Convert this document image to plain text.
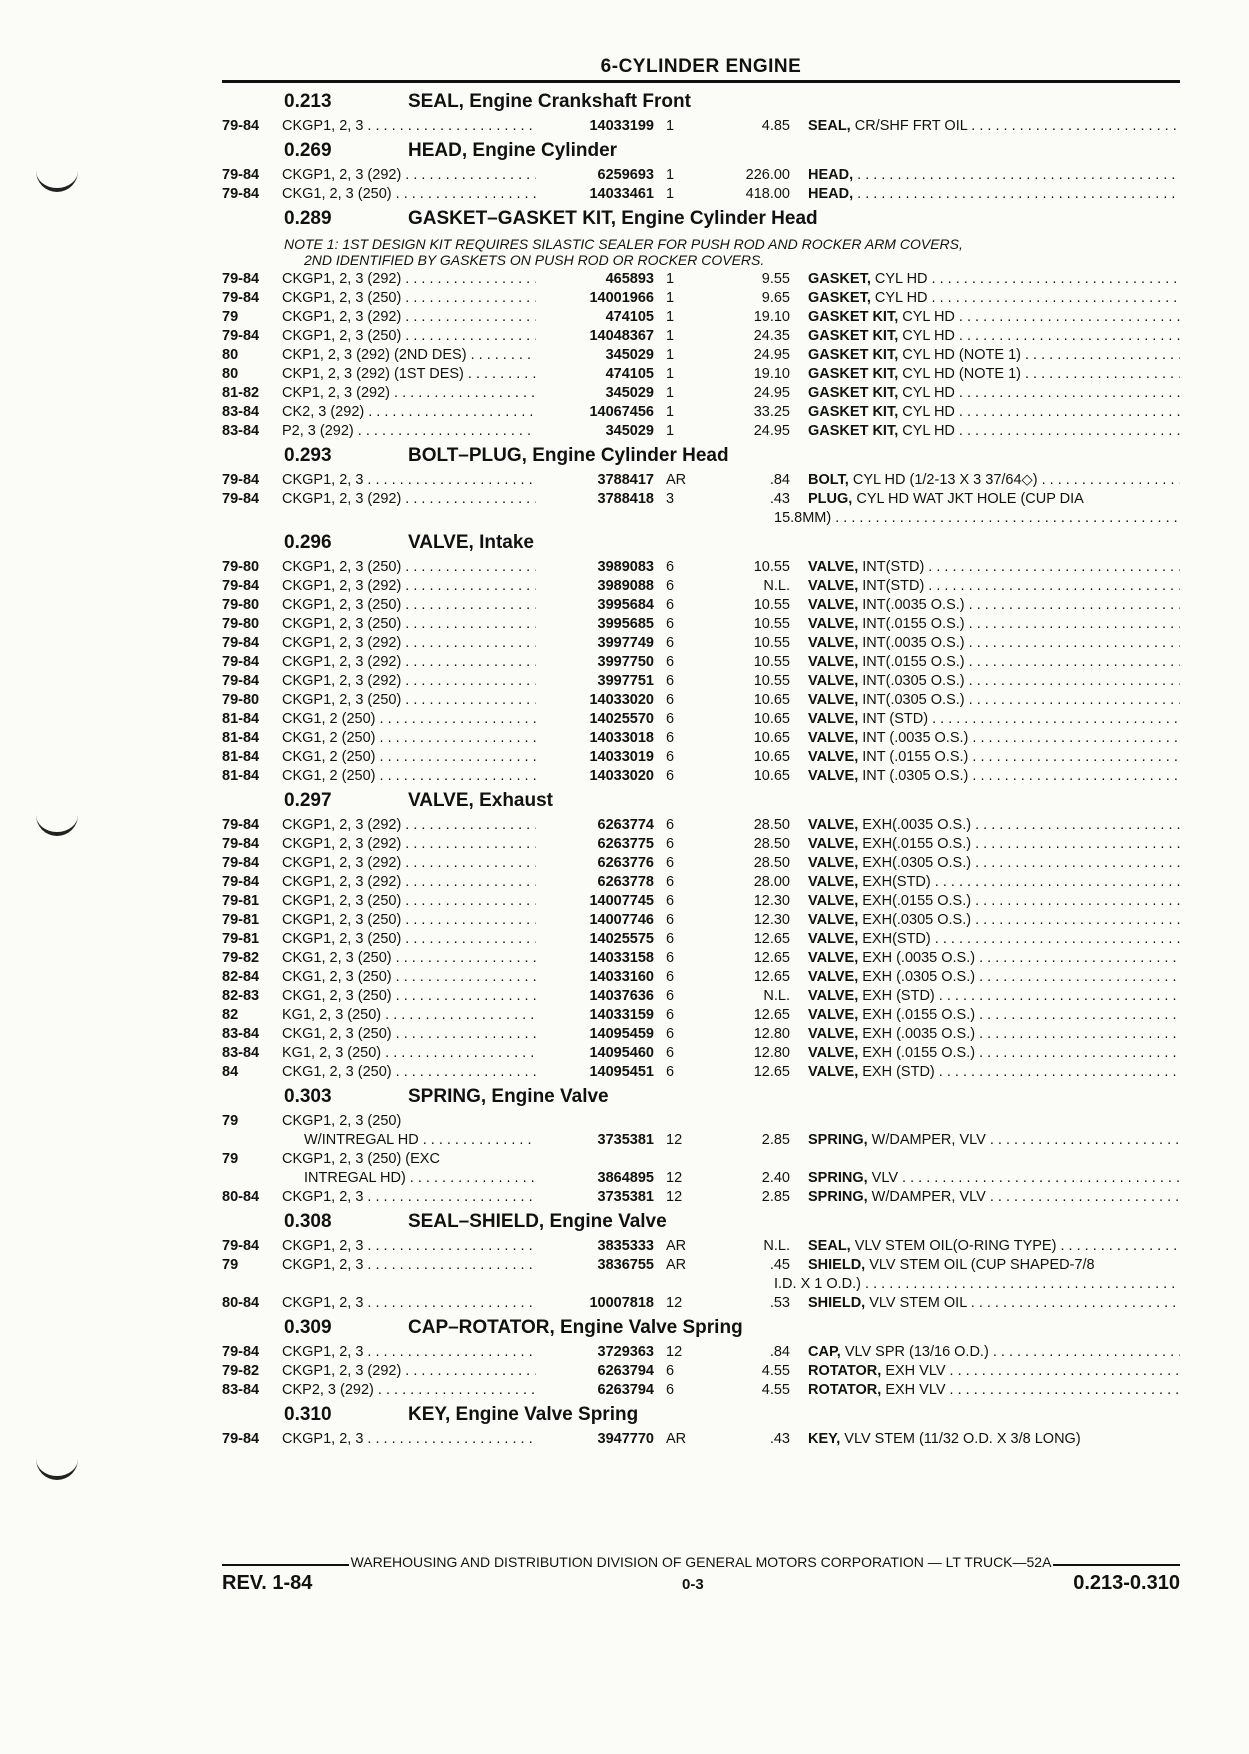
6-CYLINDER ENGINE
0.213	SEAL, Engine Crankshaft Front
79-84	CKGP1, 2, 3 . . .	14033199 1	4.85	SEAL, CR/SHF FRT OIL . . .
0.269	HEAD, Engine Cylinder
79-84	CKGP1, 2, 3 (292) . . .	6259693 1	226.00	HEAD, . . .
79-84	CKG1, 2, 3 (250) . . .	14033461 1	418.00	HEAD, . . .
0.289	GASKET–GASKET KIT, Engine Cylinder Head
NOTE 1: 1ST DESIGN KIT REQUIRES SILASTIC SEALER FOR PUSH ROD AND ROCKER ARM COVERS,
2ND IDENTIFIED BY GASKETS ON PUSH ROD OR ROCKER COVERS.
79-84	CKGP1, 2, 3 (292) . . .	465893 1	9.55	GASKET, CYL HD . . .
79-84	CKGP1, 2, 3 (250) . . .	14001966 1	9.65	GASKET, CYL HD . . .
79	CKGP1, 2, 3 (292) . . .	474105 1	19.10	GASKET KIT, CYL HD . . .
79-84	CKGP1, 2, 3 (250) . . .	14048367 1	24.35	GASKET KIT, CYL HD . . .
80	CKP1, 2, 3 (292) (2ND DES) . . .	345029 1	24.95	GASKET KIT, CYL HD (NOTE 1) . . .
80	CKP1, 2, 3 (292) (1ST DES) . . .	474105 1	19.10	GASKET KIT, CYL HD (NOTE 1) . . .
81-82	CKP1, 2, 3 (292) . . .	345029 1	24.95	GASKET KIT, CYL HD . . .
83-84	CK2, 3 (292) . . .	14067456 1	33.25	GASKET KIT, CYL HD . . .
83-84	P2, 3 (292) . . .	345029 1	24.95	GASKET KIT, CYL HD . . .
0.293	BOLT–PLUG, Engine Cylinder Head
79-84	CKGP1, 2, 3 . . .	3788417 AR	.84	BOLT, CYL HD (1/2-13 X 3 37/64◇) . . .
79-84	CKGP1, 2, 3 (292) . . .	3788418 3	.43	PLUG, CYL HD WAT JKT HOLE (CUP DIA
15.8MM) . . .
0.296	VALVE, Intake
79-80	CKGP1, 2, 3 (250) . . .	3989083 6	10.55	VALVE, INT(STD) . . .
79-84	CKGP1, 2, 3 (292) . . .	3989088 6	N.L.	VALVE, INT(STD) . . .
79-80	CKGP1, 2, 3 (250) . . .	3995684 6	10.55	VALVE, INT(.0035 O.S.) . . .
79-80	CKGP1, 2, 3 (250) . . .	3995685 6	10.55	VALVE, INT(.0155 O.S.) . . .
79-84	CKGP1, 2, 3 (292) . . .	3997749 6	10.55	VALVE, INT(.0035 O.S.) . . .
79-84	CKGP1, 2, 3 (292) . . .	3997750 6	10.55	VALVE, INT(.0155 O.S.) . . .
79-84	CKGP1, 2, 3 (292) . . .	3997751 6	10.55	VALVE, INT(.0305 O.S.) . . .
79-80	CKGP1, 2, 3 (250) . . .	14033020 6	10.65	VALVE, INT(.0305 O.S.) . . .
81-84	CKG1, 2 (250) . . .	14025570 6	10.65	VALVE, INT (STD) . . .
81-84	CKG1, 2 (250) . . .	14033018 6	10.65	VALVE, INT (.0035 O.S.) . . .
81-84	CKG1, 2 (250) . . .	14033019 6	10.65	VALVE, INT (.0155 O.S.) . . .
81-84	CKG1, 2 (250) . . .	14033020 6	10.65	VALVE, INT (.0305 O.S.) . . .
0.297	VALVE, Exhaust
79-84	CKGP1, 2, 3 (292) . . .	6263774 6	28.50	VALVE, EXH(.0035 O.S.) . . .
79-84	CKGP1, 2, 3 (292) . . .	6263775 6	28.50	VALVE, EXH(.0155 O.S.) . . .
79-84	CKGP1, 2, 3 (292) . . .	6263776 6	28.50	VALVE, EXH(.0305 O.S.) . . .
79-84	CKGP1, 2, 3 (292) . . .	6263778 6	28.00	VALVE, EXH(STD) . . .
79-81	CKGP1, 2, 3 (250) . . .	14007745 6	12.30	VALVE, EXH(.0155 O.S.) . . .
79-81	CKGP1, 2, 3 (250) . . .	14007746 6	12.30	VALVE, EXH(.0305 O.S.) . . .
79-81	CKGP1, 2, 3 (250) . . .	14025575 6	12.65	VALVE, EXH(STD) . . .
79-82	CKG1, 2, 3 (250) . . .	14033158 6	12.65	VALVE, EXH (.0035 O.S.) . . .
82-84	CKG1, 2, 3 (250) . . .	14033160 6	12.65	VALVE, EXH (.0305 O.S.) . . .
82-83	CKG1, 2, 3 (250) . . .	14037636 6	N.L.	VALVE, EXH (STD) . . .
82	KG1, 2, 3 (250) . . .	14033159 6	12.65	VALVE, EXH (.0155 O.S.) . . .
83-84	CKG1, 2, 3 (250) . . .	14095459 6	12.80	VALVE, EXH (.0035 O.S.) . . .
83-84	KG1, 2, 3 (250) . . .	14095460 6	12.80	VALVE, EXH (.0155 O.S.) . . .
84	CKG1, 2, 3 (250) . . .	14095451 6	12.65	VALVE, EXH (STD) . . .
0.303	SPRING, Engine Valve
79	CKGP1, 2, 3 (250)
W/INTREGAL HD . . .	3735381 12	2.85	SPRING, W/DAMPER, VLV . . .
79	CKGP1, 2, 3 (250) (EXC
INTREGAL HD) . . .	3864895 12	2.40	SPRING, VLV . . .
80-84	CKGP1, 2, 3 . . .	3735381 12	2.85	SPRING, W/DAMPER, VLV . . .
0.308	SEAL–SHIELD, Engine Valve
79-84	CKGP1, 2, 3 . . .	3835333 AR	N.L.	SEAL, VLV STEM OIL(O-RING TYPE) . . .
79	CKGP1, 2, 3 . . .	3836755 AR	.45	SHIELD, VLV STEM OIL (CUP SHAPED-7/8
I.D. X 1 O.D.) . . .
80-84	CKGP1, 2, 3 . . .	10007818 12	.53	SHIELD, VLV STEM OIL . . .
0.309	CAP–ROTATOR, Engine Valve Spring
79-84	CKGP1, 2, 3 . . .	3729363 12	.84	CAP, VLV SPR (13/16 O.D.) . . .
79-82	CKGP1, 2, 3 (292) . . .	6263794 6	4.55	ROTATOR, EXH VLV . . .
83-84	CKP2, 3 (292) . . .	6263794 6	4.55	ROTATOR, EXH VLV . . .
0.310	KEY, Engine Valve Spring
79-84	CKGP1, 2, 3 . . .	3947770 AR	.43	KEY, VLV STEM (11/32 O.D. X 3/8 LONG)
WAREHOUSING AND DISTRIBUTION DIVISION OF GENERAL MOTORS CORPORATION — LT TRUCK—52A
REV. 1-84	0-3	0.213-0.310
